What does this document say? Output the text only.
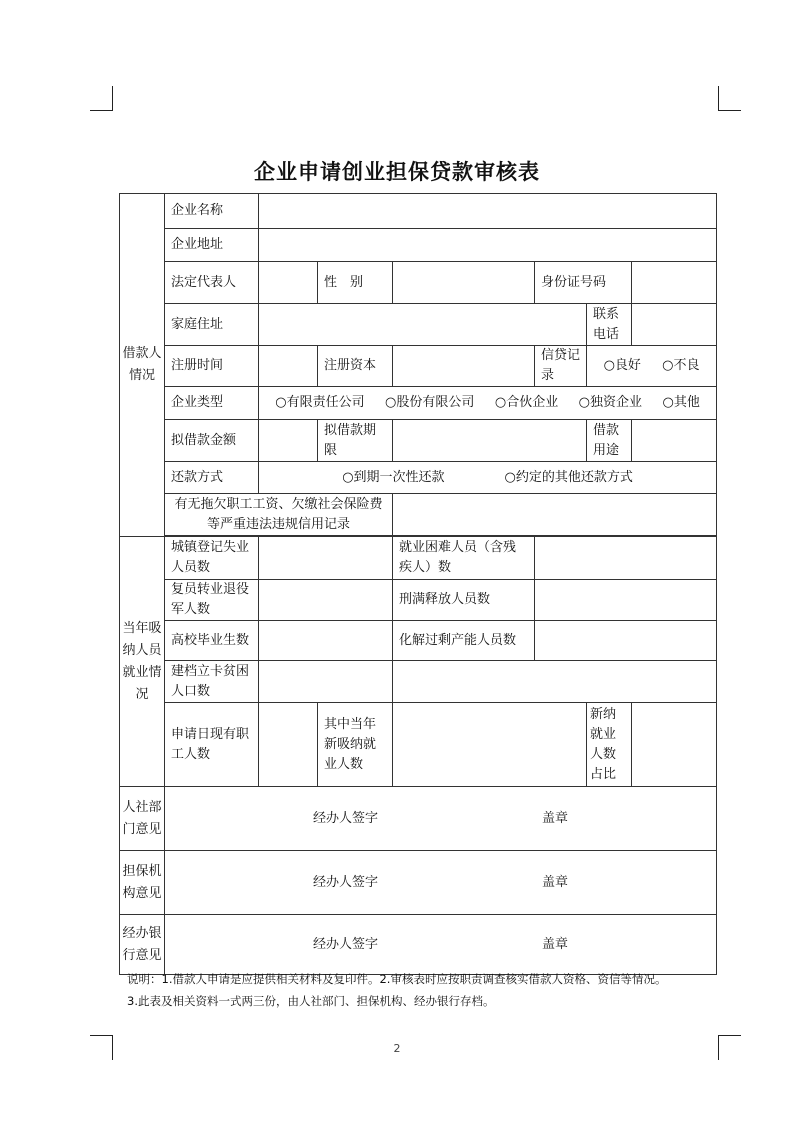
企业申请创业担保贷款审核表
借款人情况	企业名称						
	企业地址						
	法定代表人		性　别		身份证号码		
	家庭住址					联系电话	
	注册时间		注册资本		信贷记录	○良好 ○不良	

	企业类型	○有限责任公司 ○股份有限公司 ○合伙企业 ○独资企业 ○其他					

	拟借款金额		拟借款期限			借款用途	
	还款方式	○到期一次性还款 ○约定的其他还款方式					

	有无拖欠职工工资、欠缴社会保险费等严重违法违规信用记录						

当年吸纳人员就业情况	城镇登记失业人员数			就业困难人员（含残疾人）数			
	复员转业退役军人数			刑满释放人员数			
	高校毕业生数			化解过剩产能人员数			
	建档立卡贫困人口数						
	申请日现有职工人数		其中当年新吸纳就业人数			新纳就业人数占比	
人社部门意见	经办人签字 盖章						

担保机构意见	经办人签字 盖章						

经办银行意见	经办人签字 盖章						
说明：1.借款人申请是应提供相关材料及复印件。2.审核表时应按职责调查核实借款人资格、资信等情况。
3.此表及相关资料一式两三份，由人社部门、担保机构、经办银行存档。
2
